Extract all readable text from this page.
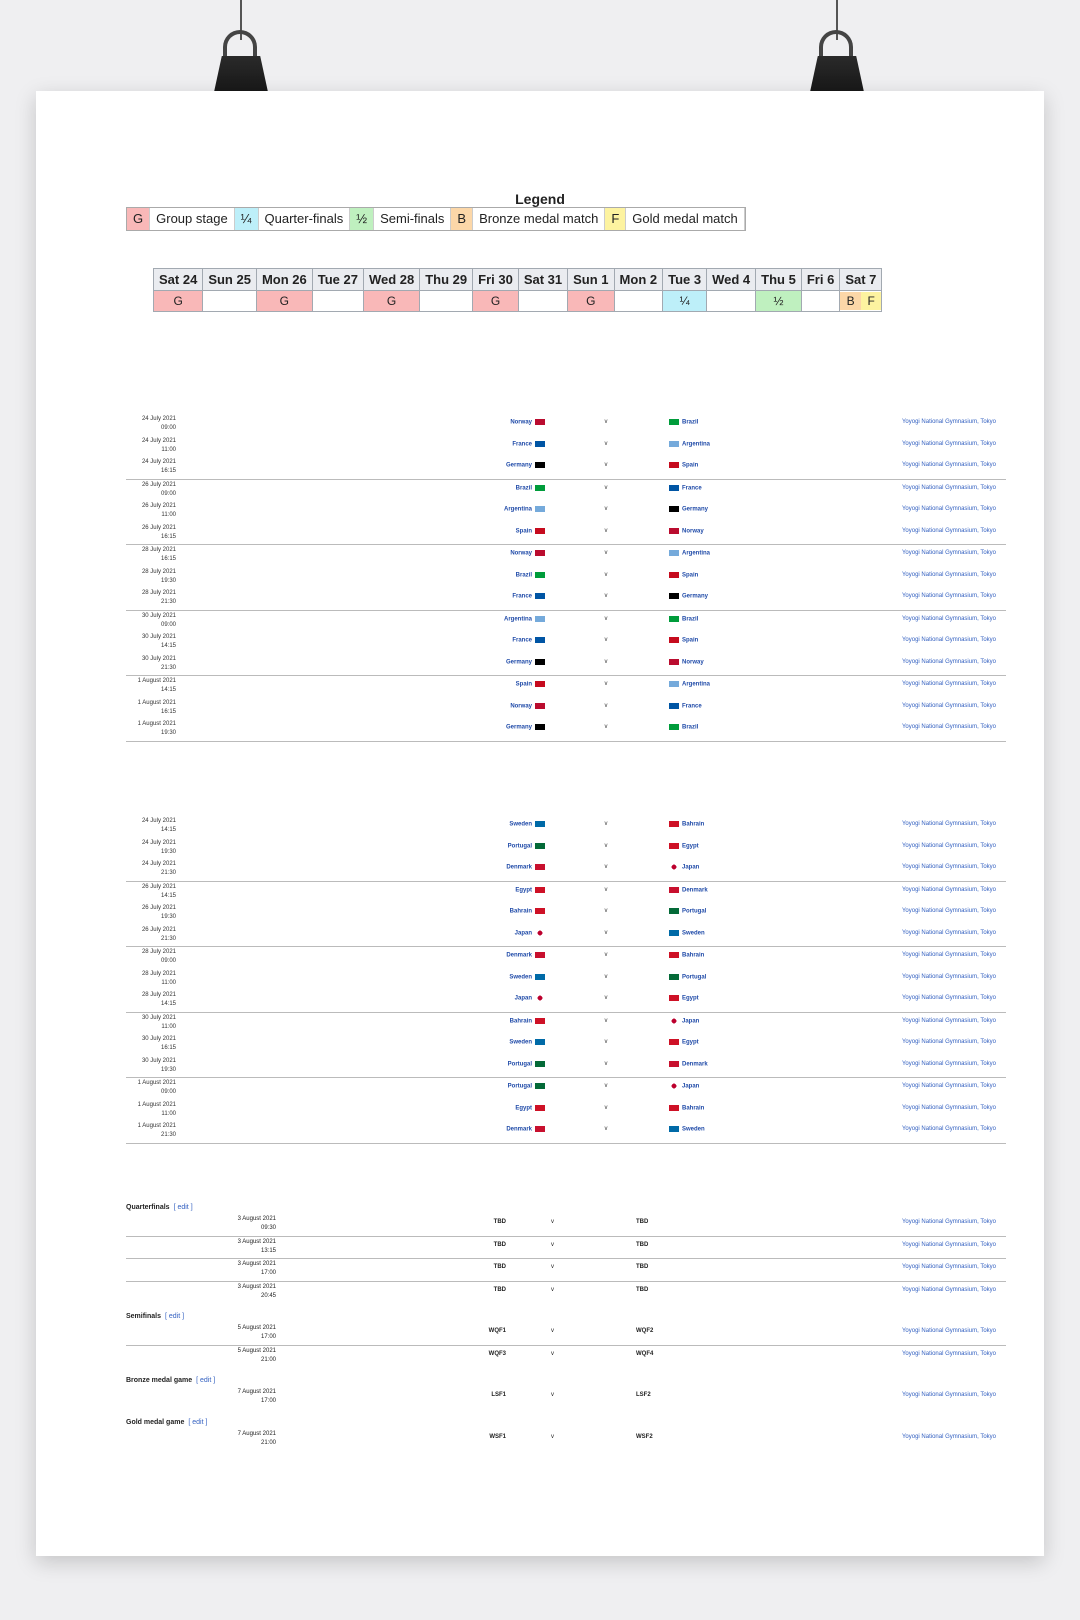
Legend
G	Group stage	¼	Quarter-finals	½	Semi-finals	B	Bronze medal match	F	Gold medal match
Sat 24	Sun 25	Mon 26	Tue 27	Wed 28	Thu 29	Fri 30	Sat 31	Sun 1	Mon 2	Tue 3	Wed 4	Thu 5	Fri 6	Sat 7
G		G		G		G		G		¼		½		B F
24 July 2021
09:00
Norway	v	Brazil	Yoyogi National Gymnasium, Tokyo
24 July 2021
11:00
France	v	Argentina	Yoyogi National Gymnasium, Tokyo
24 July 2021
16:15
Germany	v	Spain	Yoyogi National Gymnasium, Tokyo
26 July 2021
09:00
Brazil	v	France	Yoyogi National Gymnasium, Tokyo
26 July 2021
11:00
Argentina	v	Germany	Yoyogi National Gymnasium, Tokyo
26 July 2021
16:15
Spain	v	Norway	Yoyogi National Gymnasium, Tokyo
28 July 2021
16:15
Norway	v	Argentina	Yoyogi National Gymnasium, Tokyo
28 July 2021
19:30
Brazil	v	Spain	Yoyogi National Gymnasium, Tokyo
28 July 2021
21:30
France	v	Germany	Yoyogi National Gymnasium, Tokyo
30 July 2021
09:00
Argentina	v	Brazil	Yoyogi National Gymnasium, Tokyo
30 July 2021
14:15
France	v	Spain	Yoyogi National Gymnasium, Tokyo
30 July 2021
21:30
Germany	v	Norway	Yoyogi National Gymnasium, Tokyo
1 August 2021
14:15
Spain	v	Argentina	Yoyogi National Gymnasium, Tokyo
1 August 2021
16:15
Norway	v	France	Yoyogi National Gymnasium, Tokyo
1 August 2021
19:30
Germany	v	Brazil	Yoyogi National Gymnasium, Tokyo
24 July 2021
14:15
Sweden	v	Bahrain	Yoyogi National Gymnasium, Tokyo
24 July 2021
19:30
Portugal	v	Egypt	Yoyogi National Gymnasium, Tokyo
24 July 2021
21:30
Denmark	v	Japan	Yoyogi National Gymnasium, Tokyo
26 July 2021
14:15
Egypt	v	Denmark	Yoyogi National Gymnasium, Tokyo
26 July 2021
19:30
Bahrain	v	Portugal	Yoyogi National Gymnasium, Tokyo
26 July 2021
21:30
Japan	v	Sweden	Yoyogi National Gymnasium, Tokyo
28 July 2021
09:00
Denmark	v	Bahrain	Yoyogi National Gymnasium, Tokyo
28 July 2021
11:00
Sweden	v	Portugal	Yoyogi National Gymnasium, Tokyo
28 July 2021
14:15
Japan	v	Egypt	Yoyogi National Gymnasium, Tokyo
30 July 2021
11:00
Bahrain	v	Japan	Yoyogi National Gymnasium, Tokyo
30 July 2021
16:15
Sweden	v	Egypt	Yoyogi National Gymnasium, Tokyo
30 July 2021
19:30
Portugal	v	Denmark	Yoyogi National Gymnasium, Tokyo
1 August 2021
09:00
Portugal	v	Japan	Yoyogi National Gymnasium, Tokyo
1 August 2021
11:00
Egypt	v	Bahrain	Yoyogi National Gymnasium, Tokyo
1 August 2021
21:30
Denmark	v	Sweden	Yoyogi National Gymnasium, Tokyo
Quarterfinals [ edit ]
3 August 2021
09:30
TBD	v	TBD	Yoyogi National Gymnasium, Tokyo
3 August 2021
13:15
TBD	v	TBD	Yoyogi National Gymnasium, Tokyo
3 August 2021
17:00
TBD	v	TBD	Yoyogi National Gymnasium, Tokyo
3 August 2021
20:45
TBD	v	TBD	Yoyogi National Gymnasium, Tokyo
Semifinals [ edit ]
5 August 2021
17:00
WQF1	v	WQF2	Yoyogi National Gymnasium, Tokyo
5 August 2021
21:00
WQF3	v	WQF4	Yoyogi National Gymnasium, Tokyo
Bronze medal game [ edit ]
7 August 2021
17:00
LSF1	v	LSF2	Yoyogi National Gymnasium, Tokyo
Gold medal game [ edit ]
7 August 2021
21:00
WSF1	v	WSF2	Yoyogi National Gymnasium, Tokyo
